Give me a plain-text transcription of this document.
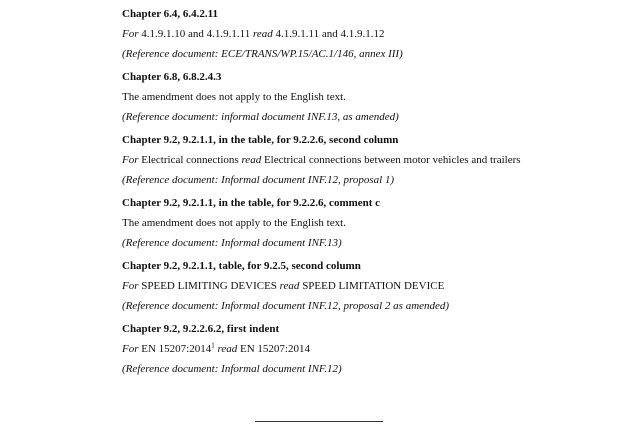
Chapter 6.4, 6.4.2.11

For 4.1.9.1.10 and 4.1.9.1.11 read 4.1.9.1.11 and 4.1.9.1.12

(Reference document: ECE/TRANS/WP.15/AC.1/146, annex III)

Chapter 6.8, 6.8.2.4.3

The amendment does not apply to the English text.

(Reference document: informal document INF.13, as amended)

Chapter 9.2, 9.2.1.1, in the table, for 9.2.2.6, second column

For Electrical connections read Electrical connections between motor vehicles and trailers

(Reference document: Informal document INF.12, proposal 1)

Chapter 9.2, 9.2.1.1, in the table, for 9.2.2.6, comment c

The amendment does not apply to the English text.

(Reference document: Informal document INF.13)

Chapter 9.2, 9.2.1.1, table, for 9.2.5, second column

For SPEED LIMITING DEVICES read SPEED LIMITATION DEVICE

(Reference document: Informal document INF.12, proposal 2 as amended)

Chapter 9.2, 9.2.2.6.2, first indent

For EN 15207:2014$^1$ read EN 15207:2014

(Reference document: Informal document INF.12)
